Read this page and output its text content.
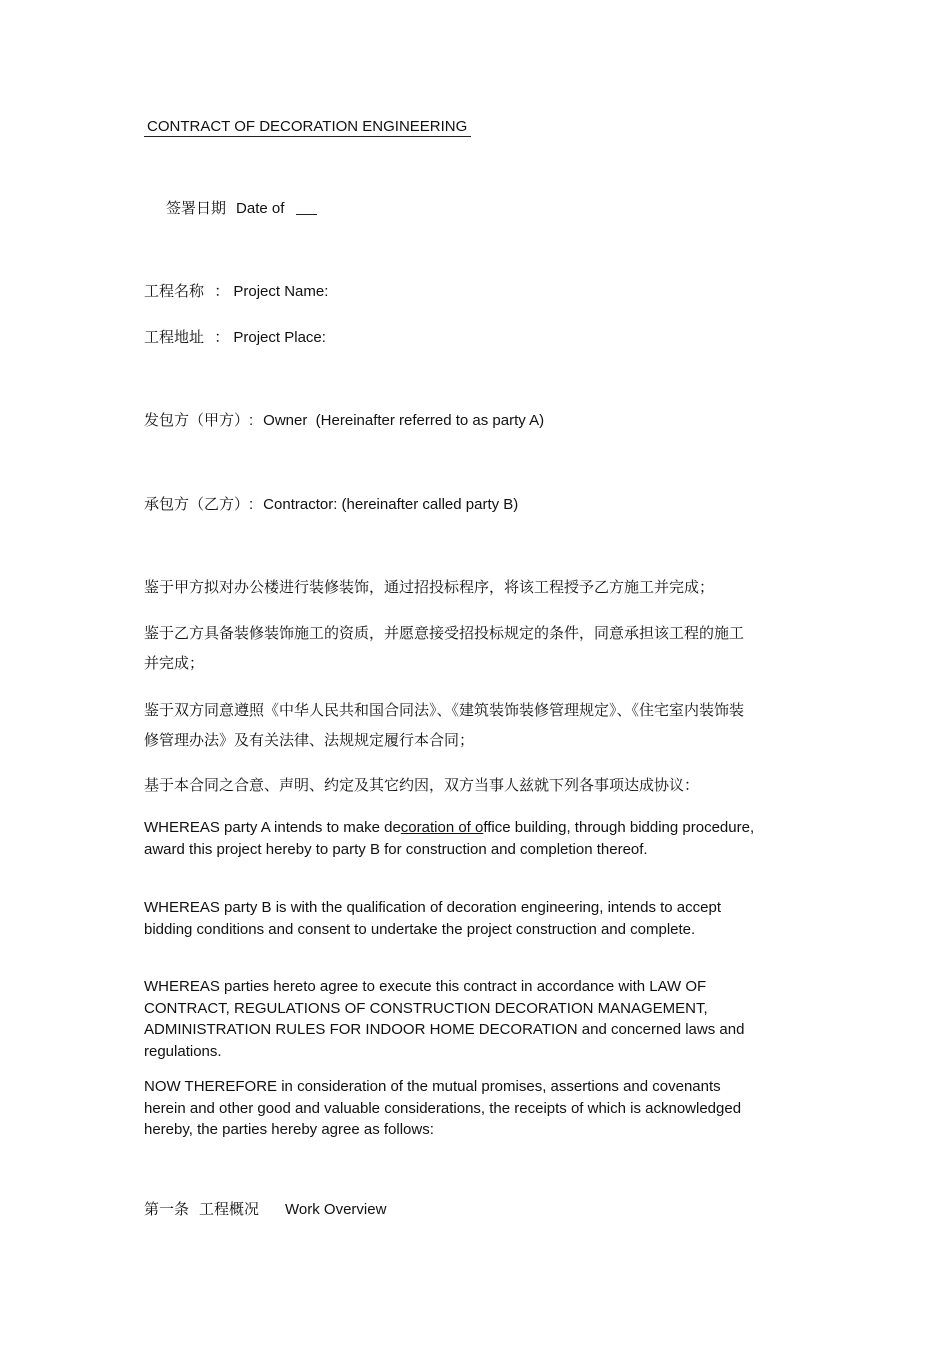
CONTRACT OF DECORATION ENGINEERING
签署日期 Date of
工程名称 ： Project Name:
工程地址 ： Project Place:
发包方（甲方）: Owner  (Hereinafter referred to as party A)
承包方（乙方）: Contractor: (hereinafter called party B)
鉴于甲方拟对办公楼进行装修装饰，通过招投标程序，将该工程授予乙方施工并完成；
鉴于乙方具备装修装饰施工的资质，并愿意接受招投标规定的条件，同意承担该工程的施工并完成；
鉴于双方同意遵照《中华人民共和国合同法》、《建筑装饰装修管理规定》、《住宅室内装饰装修管理办法》及有关法律、法规规定履行本合同；
基于本合同之合意、声明、约定及其它约因，双方当事人兹就下列各事项达成协议：
WHEREAS party A intends to make decoration of office building, through bidding procedure, award this project hereby to party B for construction and completion thereof.
WHEREAS party B is with the qualification of decoration engineering, intends to accept bidding conditions and consent to undertake the project construction and complete.
WHEREAS parties hereto agree to execute this contract in accordance with LAW OF CONTRACT, REGULATIONS OF CONSTRUCTION DECORATION MANAGEMENT, ADMINISTRATION RULES FOR INDOOR HOME DECORATION and concerned laws and regulations.
NOW THEREFORE in consideration of the mutual promises, assertions and covenants herein and other good and valuable considerations, the receipts of which is acknowledged hereby, the parties hereby agree as follows:
第一条 工程概况 Work Overview
